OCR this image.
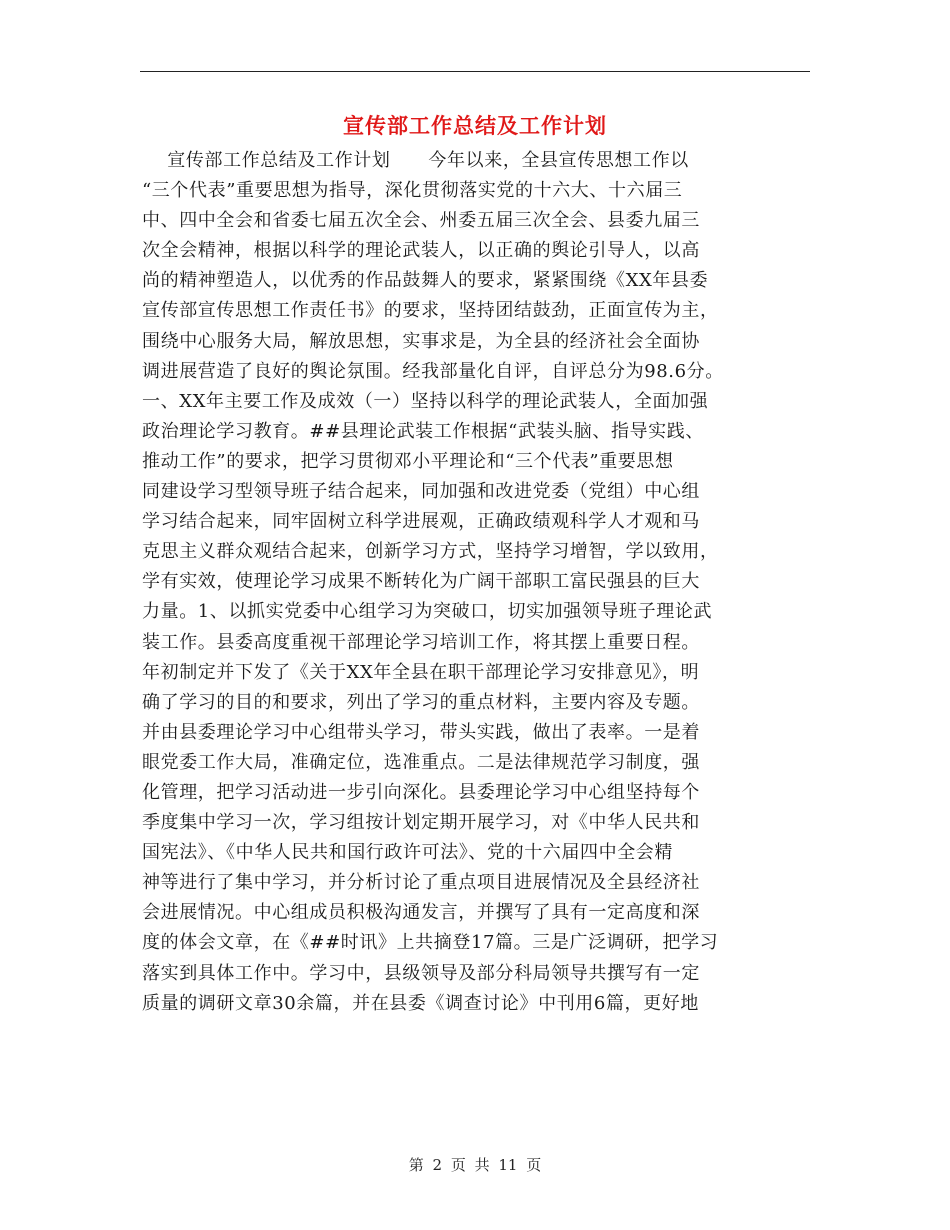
宣传部工作总结及工作计划
宣传部工作总结及工作计划      今年以来，全县宣传思想工作以
“三个代表”重要思想为指导，深化贯彻落实党的十六大、十六届三
中、四中全会和省委七届五次全会、州委五届三次全会、县委九届三
次全会精神，根据以科学的理论武装人，以正确的舆论引导人，以高
尚的精神塑造人，以优秀的作品鼓舞人的要求，紧紧围绕《XX年县委
宣传部宣传思想工作责任书》的要求，坚持团结鼓劲，正面宣传为主，
围绕中心服务大局，解放思想，实事求是，为全县的经济社会全面协
调进展营造了良好的舆论氛围。经我部量化自评，自评总分为98.6分。
一、XX年主要工作及成效（一）坚持以科学的理论武装人，全面加强
政治理论学习教育。##县理论武装工作根据“武装头脑、指导实践、
推动工作”的要求，把学习贯彻邓小平理论和“三个代表”重要思想
同建设学习型领导班子结合起来，同加强和改进党委（党组）中心组
学习结合起来，同牢固树立科学进展观，正确政绩观科学人才观和马
克思主义群众观结合起来，创新学习方式，坚持学习增智，学以致用，
学有实效，使理论学习成果不断转化为广阔干部职工富民强县的巨大
力量。1、以抓实党委中心组学习为突破口，切实加强领导班子理论武
装工作。县委高度重视干部理论学习培训工作，将其摆上重要日程。
年初制定并下发了《关于XX年全县在职干部理论学习安排意见》，明
确了学习的目的和要求，列出了学习的重点材料，主要内容及专题。
并由县委理论学习中心组带头学习，带头实践，做出了表率。一是着
眼党委工作大局，准确定位，选准重点。二是法律规范学习制度，强
化管理，把学习活动进一步引向深化。县委理论学习中心组坚持每个
季度集中学习一次，学习组按计划定期开展学习，对《中华人民共和
国宪法》、《中华人民共和国行政许可法》、党的十六届四中全会精
神等进行了集中学习，并分析讨论了重点项目进展情况及全县经济社
会进展情况。中心组成员积极沟通发言，并撰写了具有一定高度和深
度的体会文章，在《##时讯》上共摘登17篇。三是广泛调研，把学习
落实到具体工作中。学习中，县级领导及部分科局领导共撰写有一定
质量的调研文章30余篇，并在县委《调查讨论》中刊用6篇，更好地
第 2 页 共 11 页
